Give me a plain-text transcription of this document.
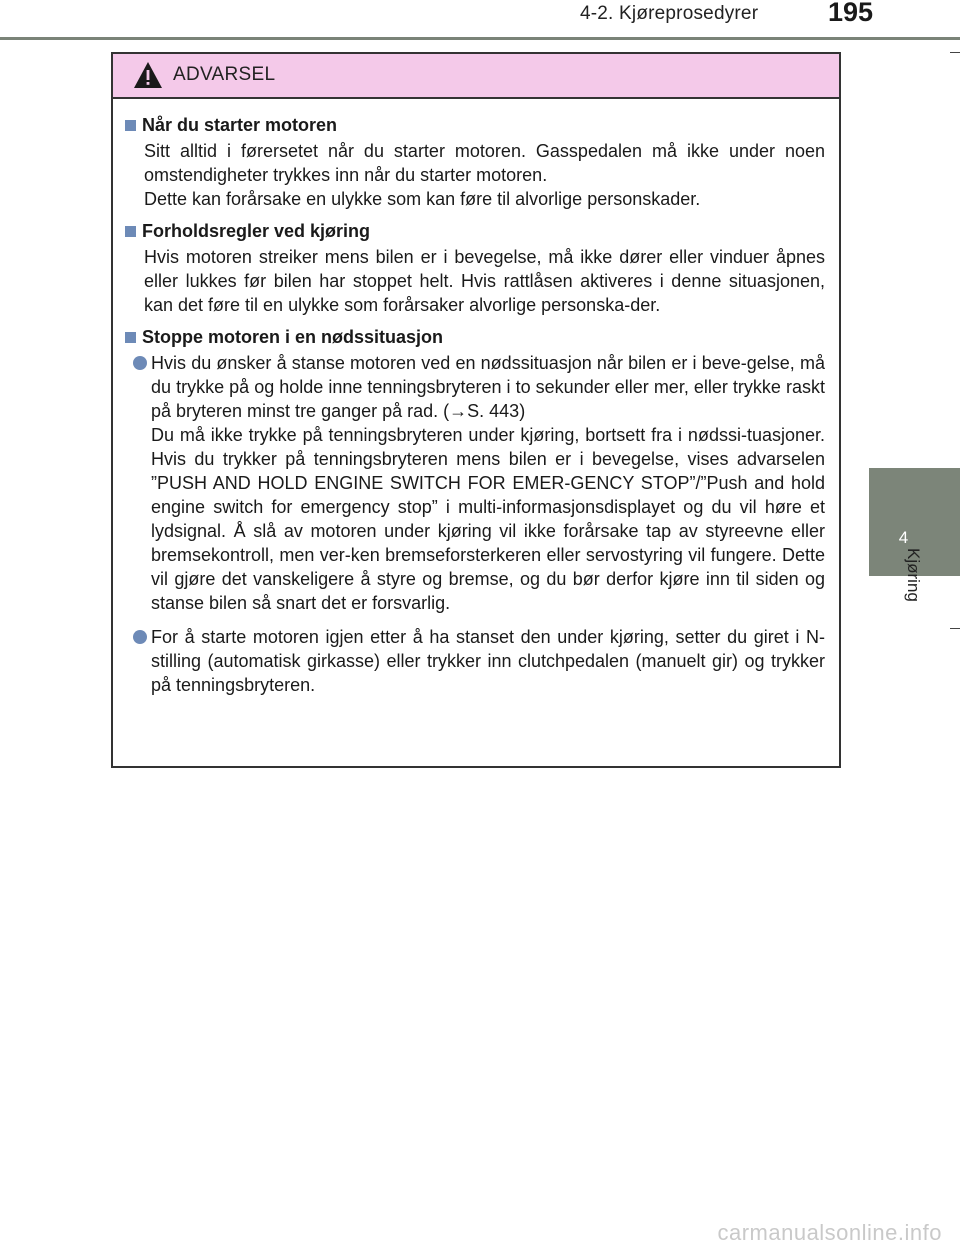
4-2. Kjøreprosedyrer	195
4
Kjøring
ADVARSEL
Når du starter motoren

Sitt alltid i førersetet når du starter motoren. Gasspedalen må ikke under noen omstendigheter trykkes inn når du starter motoren.

Dette kan forårsake en ulykke som kan føre til alvorlige personskader.

Forholdsregler ved kjøring

Hvis motoren streiker mens bilen er i bevegelse, må ikke dører eller vinduer åpnes eller lukkes før bilen har stoppet helt. Hvis rattlåsen aktiveres i denne situasjonen, kan det føre til en ulykke som forårsaker alvorlige personska-der.

Stoppe motoren i en nødssituasjon

Hvis du ønsker å stanse motoren ved en nødssituasjon når bilen er i beve-gelse, må du trykke på og holde inne tenningsbryteren i to sekunder eller mer, eller trykke raskt på bryteren minst tre ganger på rad. (→S. 443)

Du må ikke trykke på tenningsbryteren under kjøring, bortsett fra i nødssi-tuasjoner. Hvis du trykker på tenningsbryteren mens bilen er i bevegelse, vises advarselen ”PUSH AND HOLD ENGINE SWITCH FOR EMER-GENCY STOP”/”Push and hold engine switch for emergency stop” i multi-informasjonsdisplayet og du vil høre et lydsignal. Å slå av motoren under kjøring vil ikke forårsake tap av styreevne eller bremsekontroll, men ver-ken bremseforsterkeren eller servostyring vil fungere. Dette vil gjøre det vanskeligere å styre og bremse, og du bør derfor kjøre inn til siden og stanse bilen så snart det er forsvarlig.

For å starte motoren igjen etter å ha stanset den under kjøring, setter du giret i N-stilling (automatisk girkasse) eller trykker inn clutchpedalen (manuelt gir) og trykker på tenningsbryteren.

carmanualsonline.info
